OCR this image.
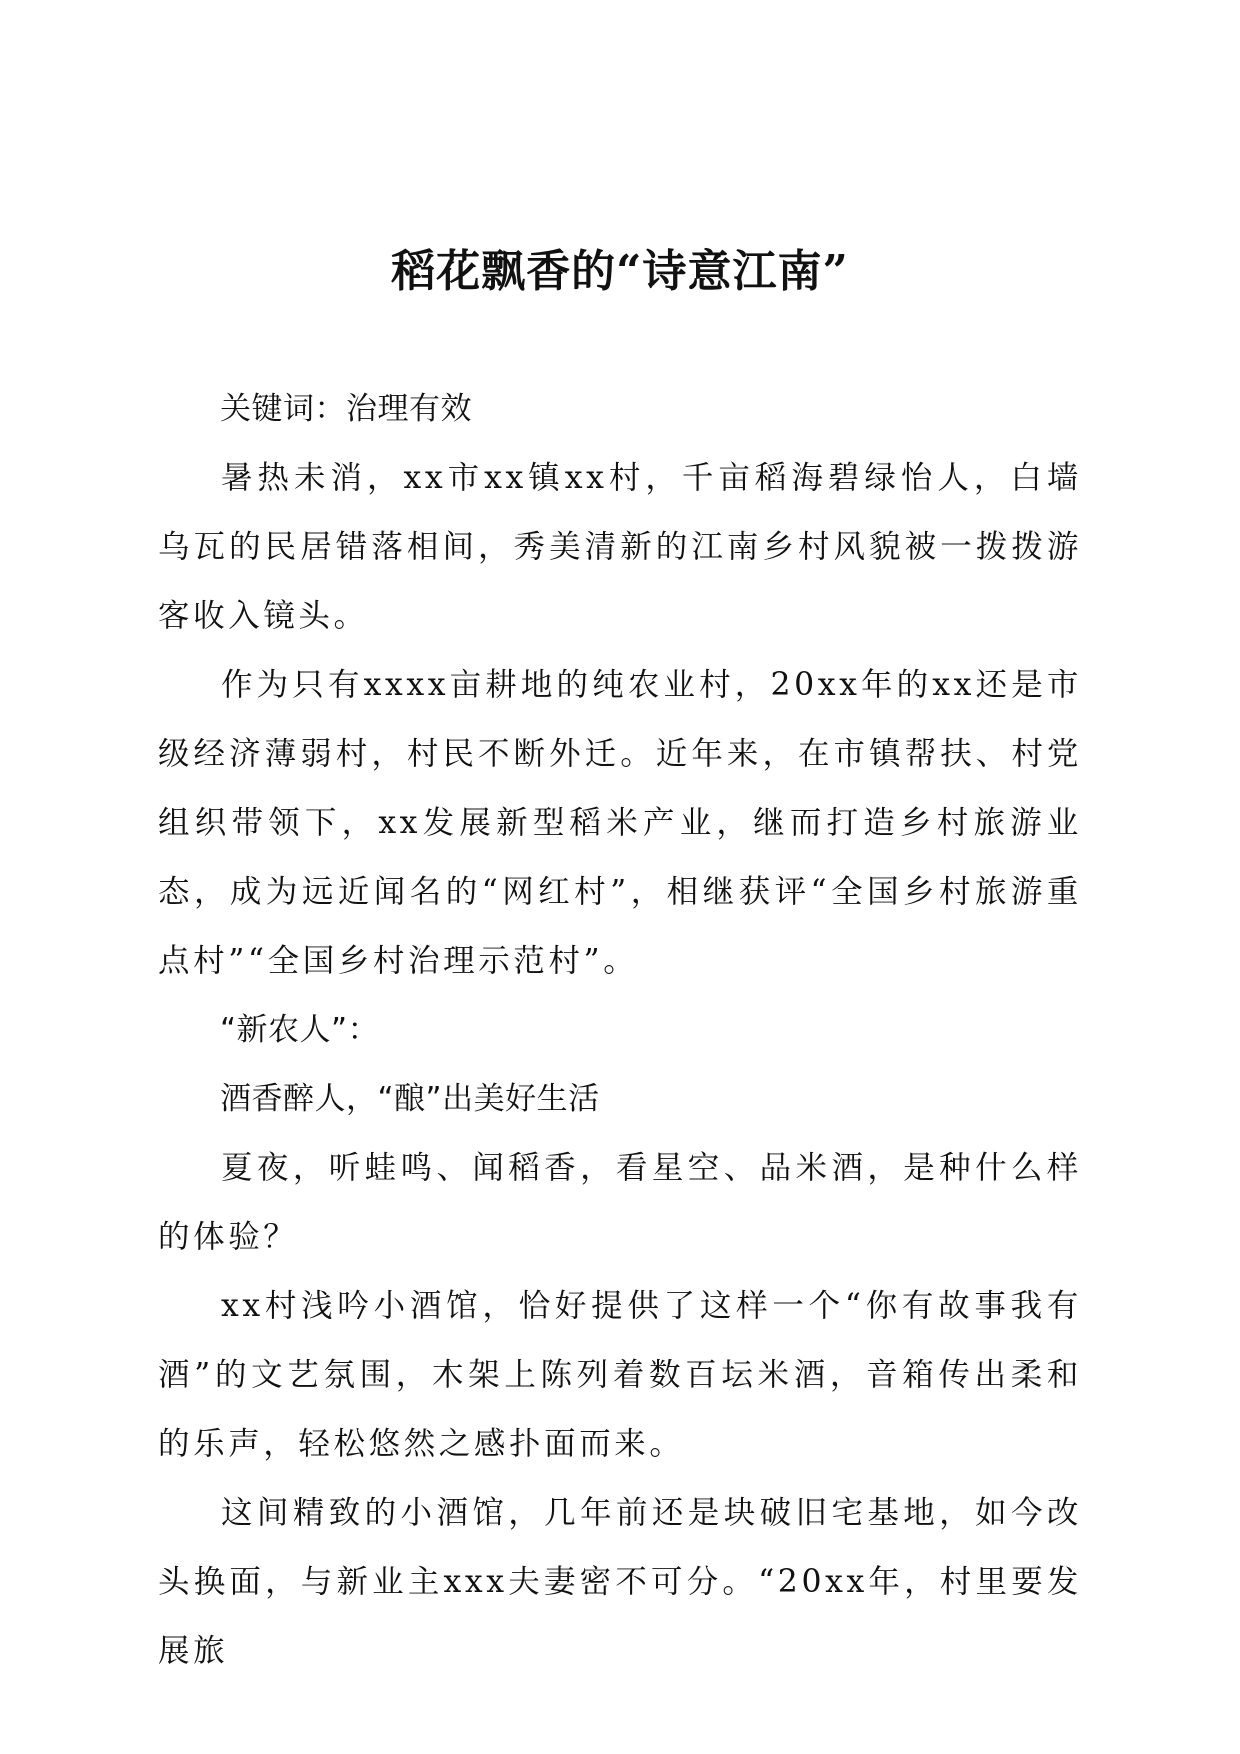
稻花飘香的“诗意江南”

关键词：治理有效

暑热未消，xx市xx镇xx村，千亩稻海碧绿怡人，白墙乌瓦的民居错落相间，秀美清新的江南乡村风貌被一拨拨游客收入镜头。

作为只有xxxx亩耕地的纯农业村，20xx年的xx还是市级经济薄弱村，村民不断外迁。近年来，在市镇帮扶、村党组织带领下，xx发展新型稻米产业，继而打造乡村旅游业态，成为远近闻名的“网红村”，相继获评“全国乡村旅游重点村”“全国乡村治理示范村”。

“新农人”：

酒香醉人，“酿”出美好生活

夏夜，听蛙鸣、闻稻香，看星空、品米酒，是种什么样的体验？

xx村浅吟小酒馆，恰好提供了这样一个“你有故事我有酒”的文艺氛围，木架上陈列着数百坛米酒，音箱传出柔和的乐声，轻松悠然之感扑面而来。

这间精致的小酒馆，几年前还是块破旧宅基地，如今改头换面，与新业主xxx夫妻密不可分。“20xx年，村里要发展旅
